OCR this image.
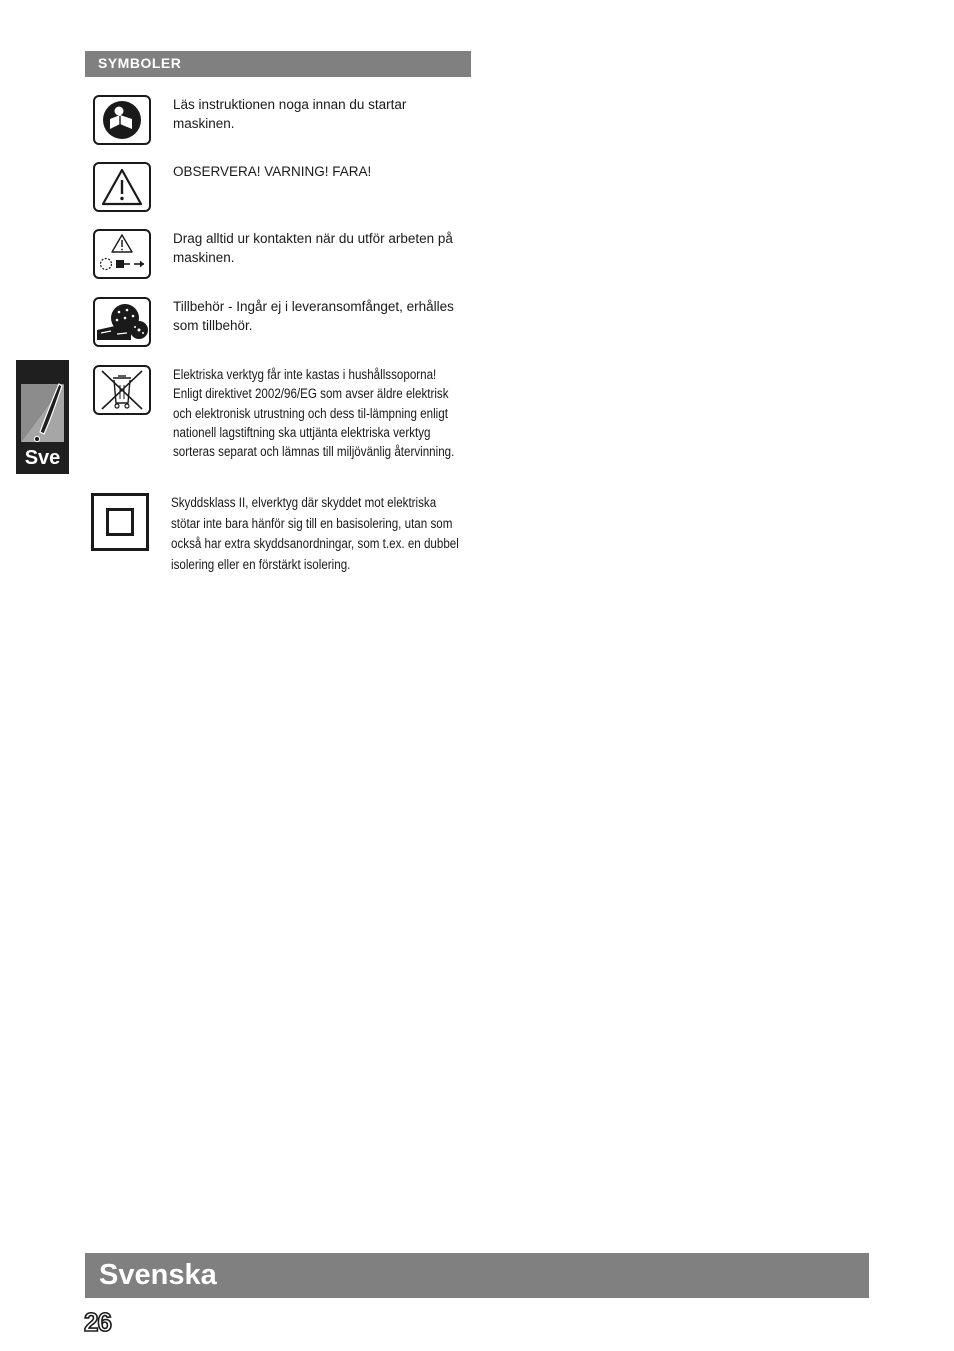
SYMBOLER
Läs instruktionen noga innan du startar maskinen.
OBSERVERA! VARNING! FARA!
Drag alltid ur kontakten när du utför arbeten på maskinen.
Tillbehör - Ingår ej i leveransomfånget, erhålles som tillbehör.
Elektriska verktyg får inte kastas i hushållssoporna! Enligt direktivet 2002/96/EG som avser äldre elektrisk och elektronisk utrustning och dess til-lämpning enligt nationell lagstiftning ska uttjänta elektriska verktyg sorteras separat och lämnas till miljövänlig återvinning.
Skyddsklass II, elverktyg där skyddet mot elektriska stötar inte bara hänför sig till en basisolering, utan som också har extra skyddsanordningar, som t.ex. en dubbel isolering eller en förstärkt isolering.
Sve
Svenska
26
